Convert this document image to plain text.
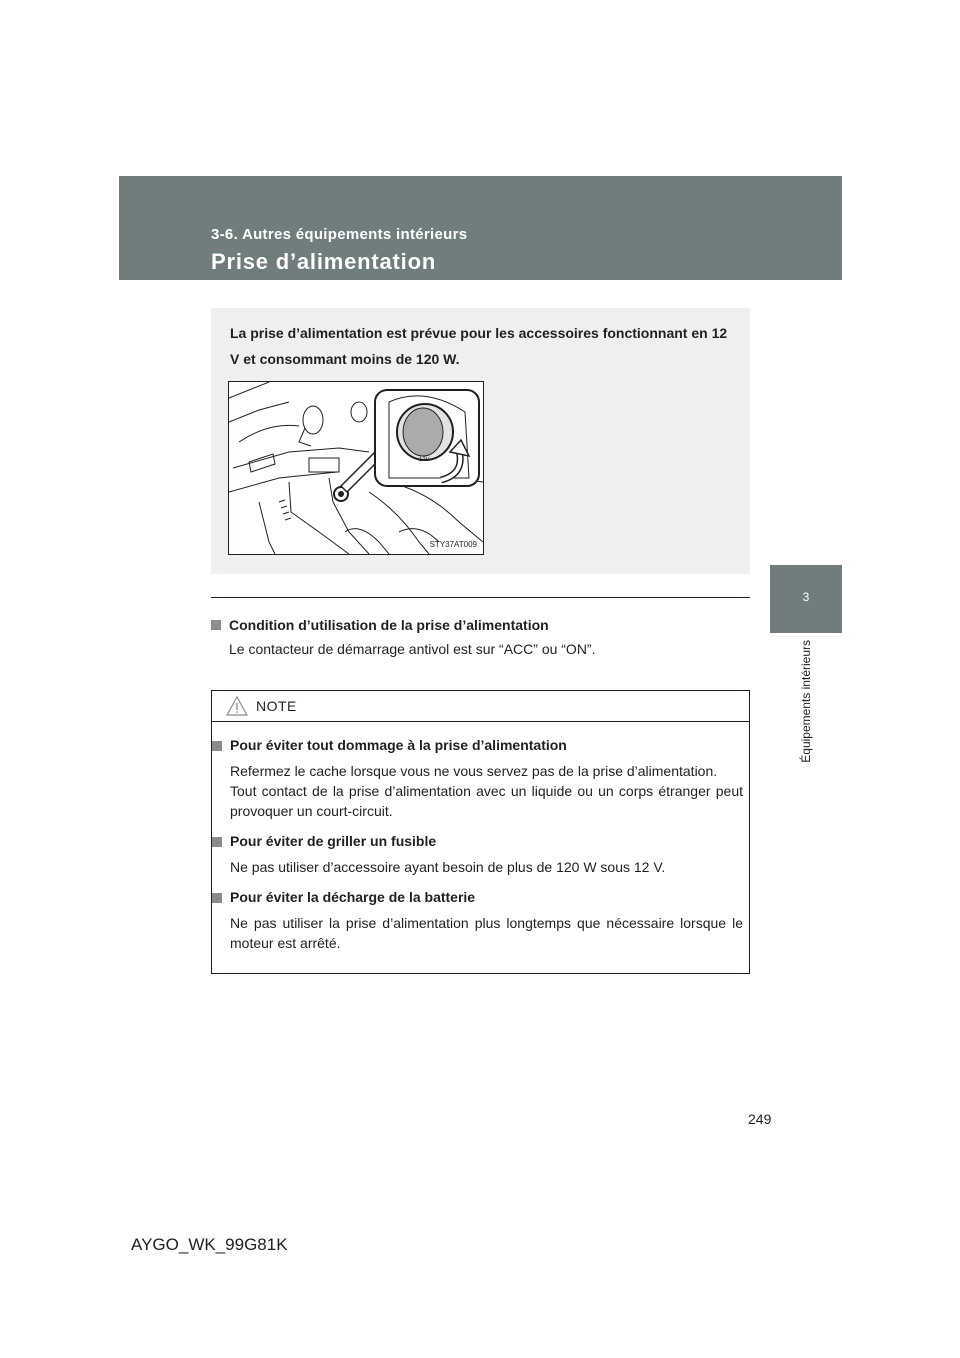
3-6. Autres équipements intérieurs
Prise d’alimentation
3
Équipements intérieurs
La prise d’alimentation est prévue pour les accessoires fonctionnant en 12 V et consommant moins de 120 W.
12V
STY37AT009
Condition d’utilisation de la prise d’alimentation
Le contacteur de démarrage antivol est sur “ACC” ou “ON”.
NOTE
Pour éviter tout dommage à la prise d’alimentation

Refermez le cache lorsque vous ne vous servez pas de la prise d’alimentation.

Tout contact de la prise d’alimentation avec un liquide ou un corps étranger peut provoquer un court-circuit.

Pour éviter de griller un fusible

Ne pas utiliser d’accessoire ayant besoin de plus de 120 W sous 12 V.

Pour éviter la décharge de la batterie

Ne pas utiliser la prise d’alimentation plus longtemps que nécessaire lorsque le moteur est arrêté.

249
AYGO_WK_99G81K
